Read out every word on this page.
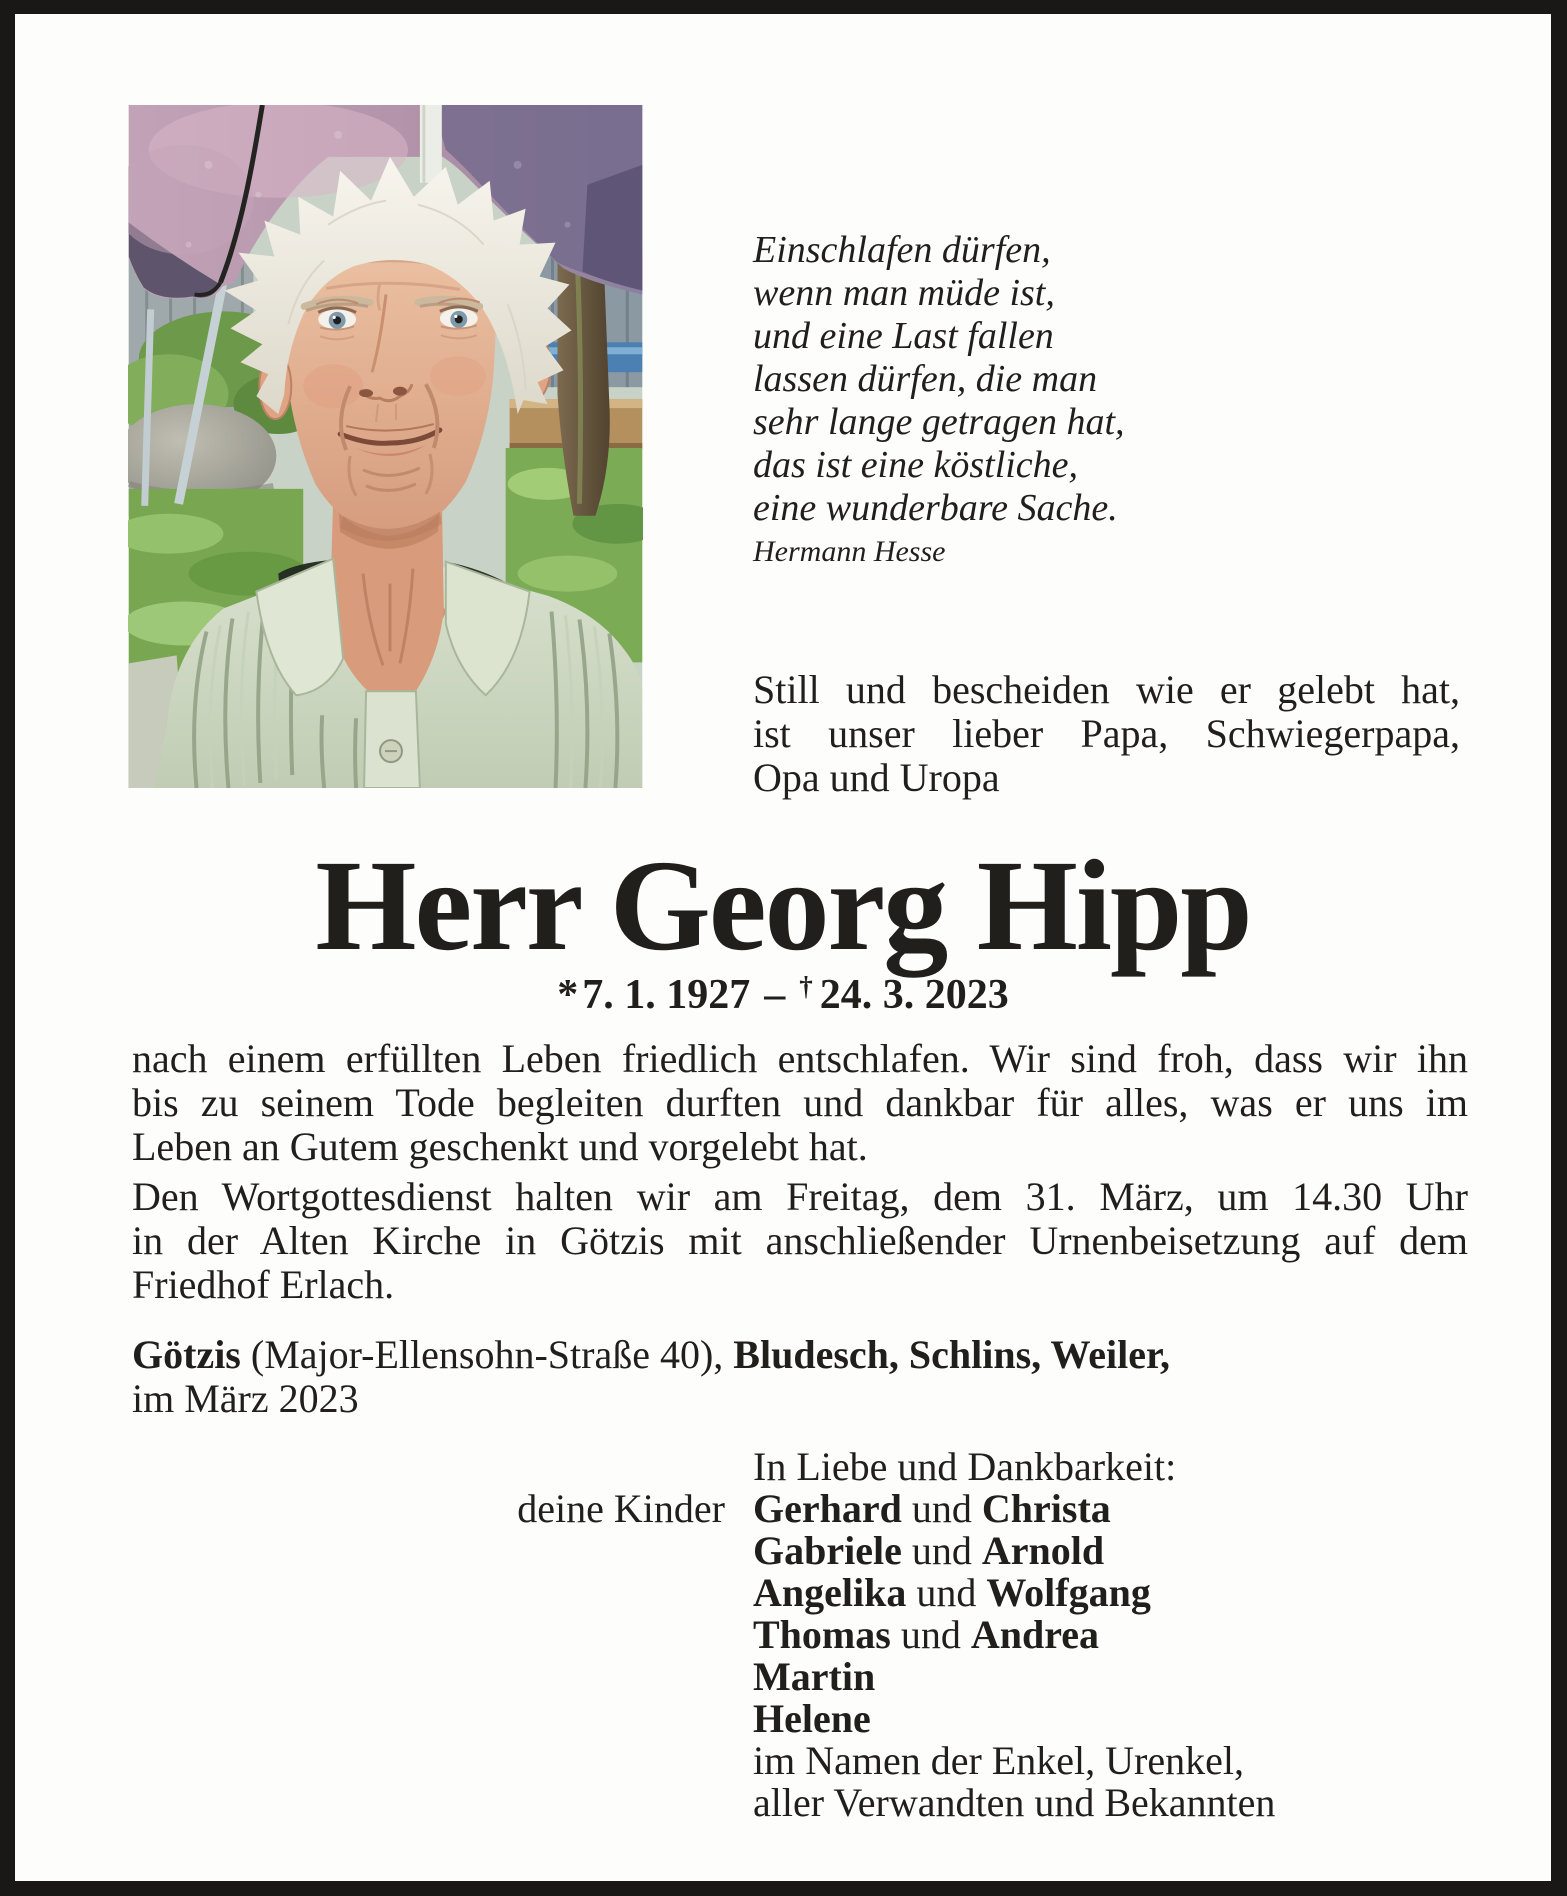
Einschlafen dürfen,
wenn man müde ist,
und eine Last fallen
lassen dürfen, die man
sehr lange getragen hat,
das ist eine köstliche,
eine wunderbare Sache.
Hermann Hesse
Still und bescheiden wie er gelebt hat,
ist unser lieber Papa, Schwiegerpapa,
Opa und Uropa
Herr Georg Hipp
*7. 1. 1927 – † 24. 3. 2023
nach einem erfüllten Leben friedlich entschlafen. Wir sind froh, dass wir ihn
bis zu seinem Tode begleiten durften und dankbar für alles, was er uns im
Leben an Gutem geschenkt und vorgelebt hat.
Den Wortgottesdienst halten wir am Freitag, dem 31. März, um 14.30 Uhr
in der Alten Kirche in Götzis mit anschließender Urnenbeisetzung auf dem
Friedhof Erlach.
Götzis (Major-Ellensohn-Straße 40), Bludesch, Schlins, Weiler,
im März 2023
deine Kinder
In Liebe und Dankbarkeit:
Gerhard und Christa
Gabriele und Arnold
Angelika und Wolfgang
Thomas und Andrea
Martin
Helene
im Namen der Enkel, Urenkel,
aller Verwandten und Bekannten
